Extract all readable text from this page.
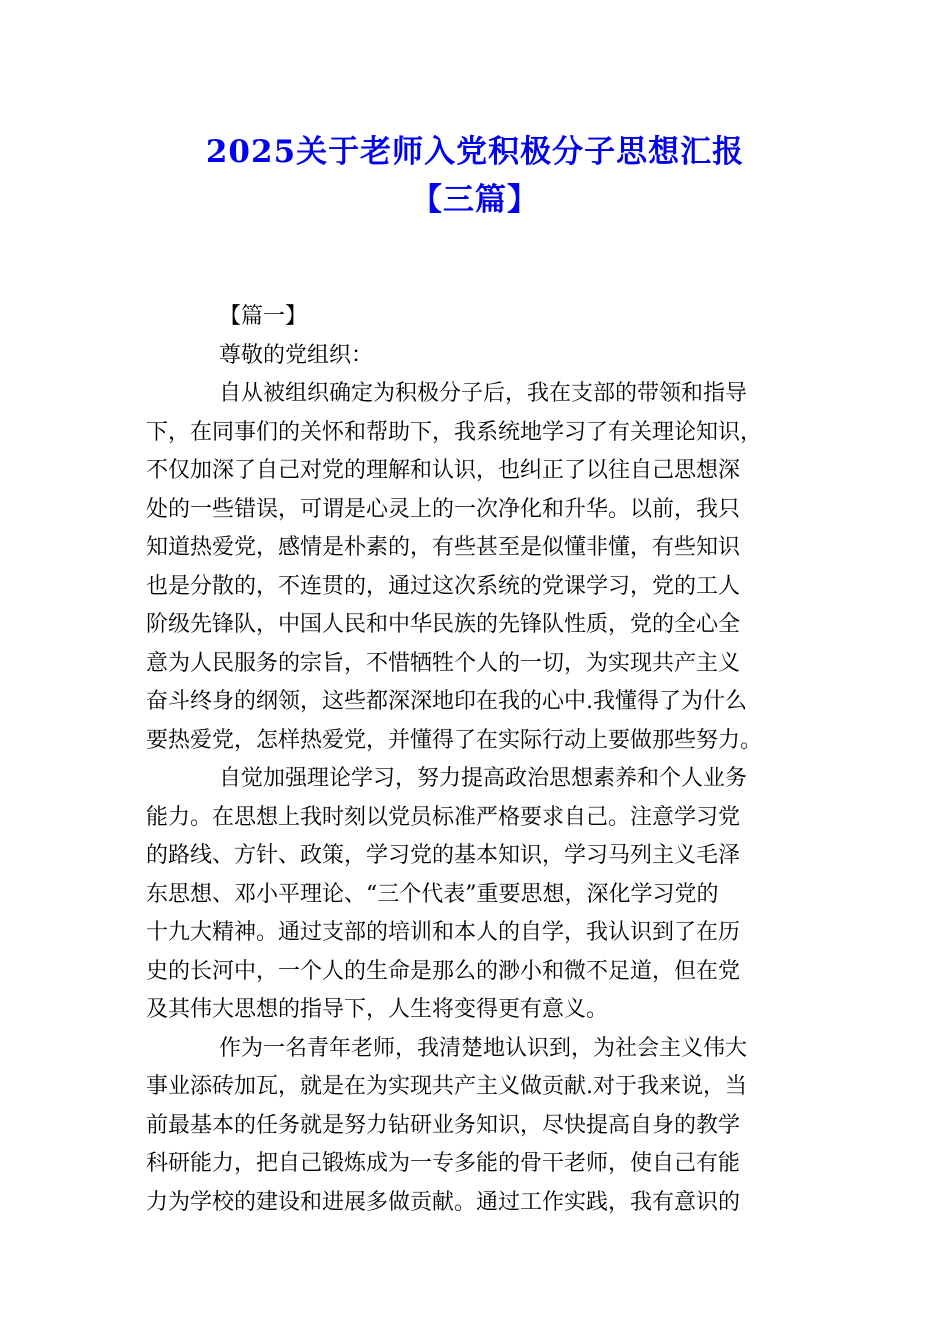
2025关于老师入党积极分子思想汇报
【三篇】
【篇一】
尊敬的党组织：
自从被组织确定为积极分子后，我在支部的带领和指导
下，在同事们的关怀和帮助下，我系统地学习了有关理论知识，
不仅加深了自己对党的理解和认识，也纠正了以往自己思想深
处的一些错误，可谓是心灵上的一次净化和升华。以前，我只
知道热爱党，感情是朴素的，有些甚至是似懂非懂，有些知识
也是分散的，不连贯的，通过这次系统的党课学习，党的工人
阶级先锋队，中国人民和中华民族的先锋队性质，党的全心全
意为人民服务的宗旨，不惜牺牲个人的一切，为实现共产主义
奋斗终身的纲领，这些都深深地印在我的心中.我懂得了为什么
要热爱党，怎样热爱党，并懂得了在实际行动上要做那些努力。
自觉加强理论学习，努力提高政治思想素养和个人业务
能力。在思想上我时刻以党员标准严格要求自己。注意学习党
的路线、方针、政策，学习党的基本知识，学习马列主义毛泽
东思想、邓小平理论、“三个代表”重要思想，深化学习党的
十九大精神。通过支部的培训和本人的自学，我认识到了在历
史的长河中，一个人的生命是那么的渺小和微不足道，但在党
及其伟大思想的指导下，人生将变得更有意义。
作为一名青年老师，我清楚地认识到，为社会主义伟大
事业添砖加瓦，就是在为实现共产主义做贡献.对于我来说，当
前最基本的任务就是努力钻研业务知识，尽快提高自身的教学
科研能力，把自己锻炼成为一专多能的骨干老师，使自己有能
力为学校的建设和进展多做贡献。通过工作实践，我有意识的
